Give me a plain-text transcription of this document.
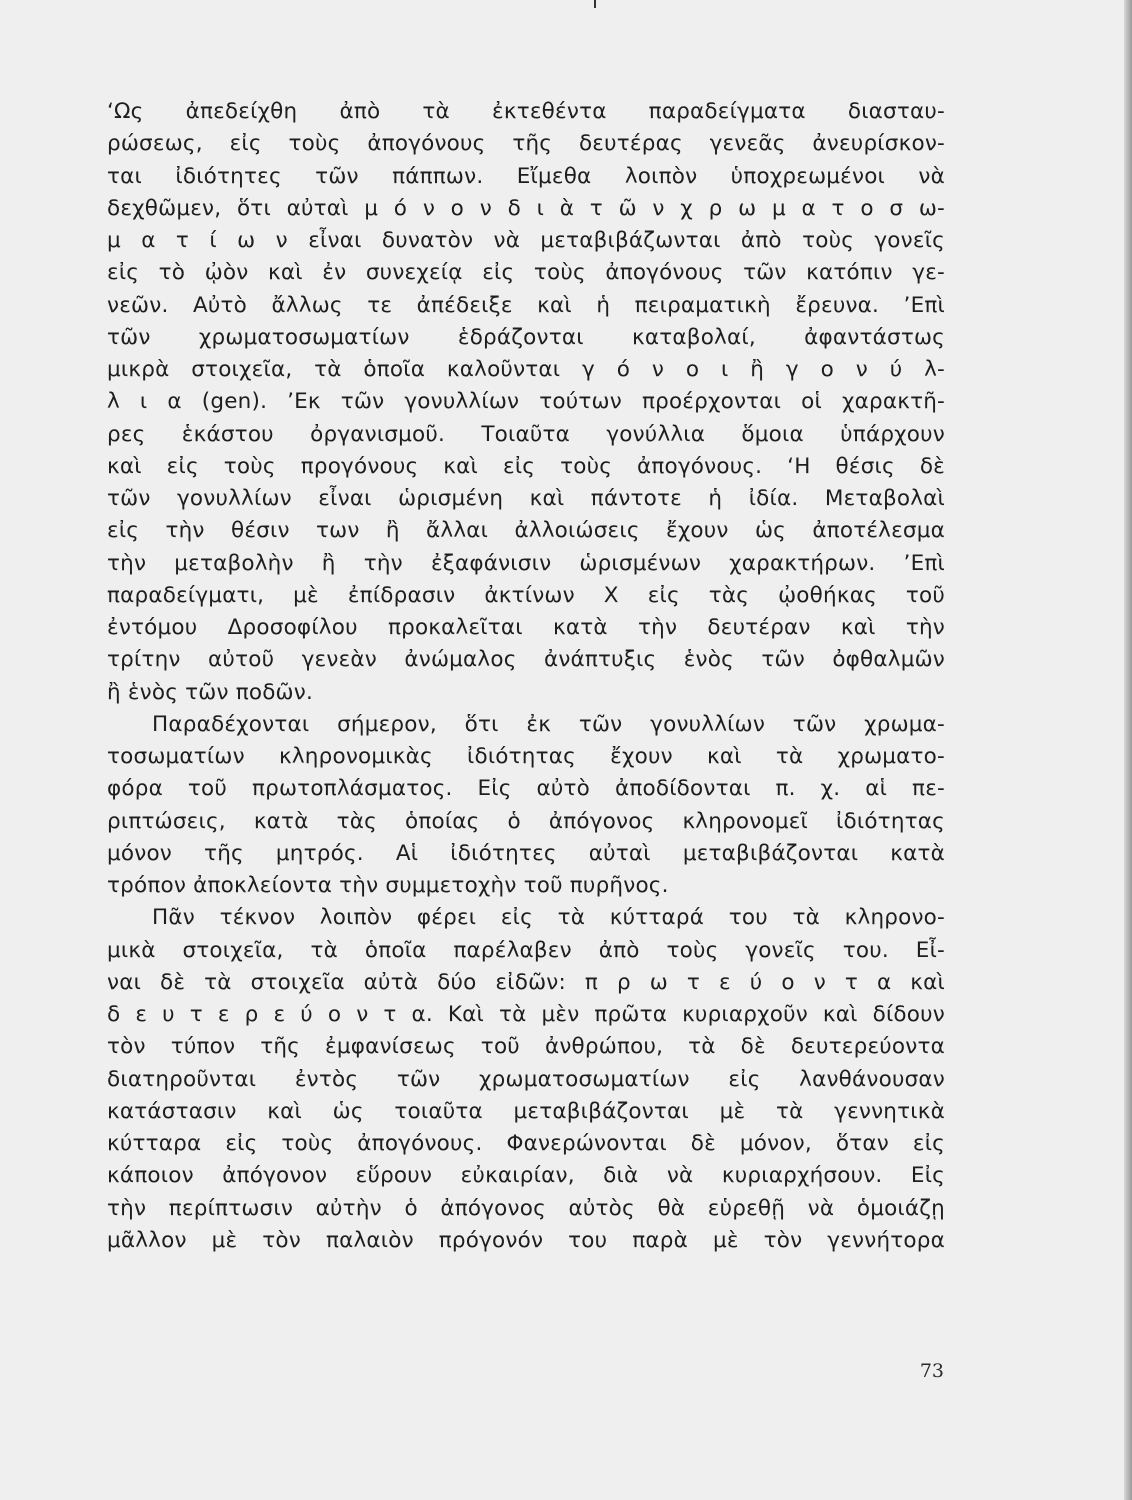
‘Ως ἀπεδείχθη ἀπὸ τὰ ἐκτεθέντα παραδείγματα διασταυ-
ρώσεως, εἰς τοὺς ἀπογόνους τῆς δευτέρας γενεᾶς ἀνευρίσκον-
ται ἰδιότητες τῶν πάππων. Εἴμεθα λοιπὸν ὑποχρεωμένοι νὰ
δεχθῶμεν, ὅτι αὐταὶ μ ό ν ο ν δ ι ὰ τ ῶ ν χ ρ ω μ α τ ο σ ω-
μ α τ ί ω ν εἶναι δυνατὸν νὰ μεταβιβάζωνται ἀπὸ τοὺς γονεῖς
εἰς τὸ ᾠὸν καὶ ἐν συνεχείᾳ εἰς τοὺς ἀπογόνους τῶν κατόπιν γε-
νεῶν. Αὐτὸ ἄλλως τε ἀπέδειξε καὶ ἡ πειραματικὴ ἔρευνα. ’Επὶ
τῶν χρωματοσωματίων ἑδράζονται καταβολαί, ἀφαντάστως
μικρὰ στοιχεῖα, τὰ ὁποῖα καλοῦνται γ ό ν ο ι ἢ γ ο ν ύ λ-
λ ι α (gen). ’Εκ τῶν γονυλλίων τούτων προέρχονται οἱ χαρακτῆ-
ρες ἑκάστου ὀργανισμοῦ. Τοιαῦτα γονύλλια ὅμοια ὑπάρχουν
καὶ εἰς τοὺς προγόνους καὶ εἰς τοὺς ἀπογόνους. ‘Η θέσις δὲ
τῶν γονυλλίων εἶναι ὡρισμένη καὶ πάντοτε ἡ ἰδία. Μεταβολαὶ
εἰς τὴν θέσιν των ἢ ἄλλαι ἀλλοιώσεις ἔχουν ὡς ἀποτέλεσμα
τὴν μεταβολὴν ἢ τὴν ἐξαφάνισιν ὡρισμένων χαρακτήρων. ’Επὶ
παραδείγματι, μὲ ἐπίδρασιν ἀκτίνων Χ εἰς τὰς ᾠοθήκας τοῦ
ἐντόμου Δροσοφίλου προκαλεῖται κατὰ τὴν δευτέραν καὶ τὴν
τρίτην αὐτοῦ γενεὰν ἀνώμαλος ἀνάπτυξις ἑνὸς τῶν ὀφθαλμῶν
ἢ ἑνὸς τῶν ποδῶν.
Παραδέχονται σήμερον, ὅτι ἐκ τῶν γονυλλίων τῶν χρωμα-
τοσωματίων κληρονομικὰς ἰδιότητας ἔχουν καὶ τὰ χρωματο-
φόρα τοῦ πρωτοπλάσματος. Εἰς αὐτὸ ἀποδίδονται π. χ. αἱ πε-
ριπτώσεις, κατὰ τὰς ὁποίας ὁ ἀπόγονος κληρονομεῖ ἰδιότητας
μόνον τῆς μητρός. Αἱ ἰδιότητες αὐταὶ μεταβιβάζονται κατὰ
τρόπον ἀποκλείοντα τὴν συμμετοχὴν τοῦ πυρῆνος.
Πᾶν τέκνον λοιπὸν φέρει εἰς τὰ κύτταρά του τὰ κληρονο-
μικὰ στοιχεῖα, τὰ ὁποῖα παρέλαβεν ἀπὸ τοὺς γονεῖς του. Εἶ-
ναι δὲ τὰ στοιχεῖα αὐτὰ δύο εἰδῶν: π ρ ω τ ε ύ ο ν τ α καὶ
δ ε υ τ ε ρ ε ύ ο ν τ α. Καὶ τὰ μὲν πρῶτα κυριαρχοῦν καὶ δίδουν
τὸν τύπον τῆς ἐμφανίσεως τοῦ ἀνθρώπου, τὰ δὲ δευτερεύοντα
διατηροῦνται ἐντὸς τῶν χρωματοσωματίων εἰς λανθάνουσαν
κατάστασιν καὶ ὡς τοιαῦτα μεταβιβάζονται μὲ τὰ γεννητικὰ
κύτταρα εἰς τοὺς ἀπογόνους. Φανερώνονται δὲ μόνον, ὅταν εἰς
κάποιον ἀπόγονον εὕρουν εὐκαιρίαν, διὰ νὰ κυριαρχήσουν. Εἰς
τὴν περίπτωσιν αὐτὴν ὁ ἀπόγονος αὐτὸς θὰ εὑρεθῇ νὰ ὁμοιάζῃ
μᾶλλον μὲ τὸν παλαιὸν πρόγονόν του παρὰ μὲ τὸν γεννήτορα
73
